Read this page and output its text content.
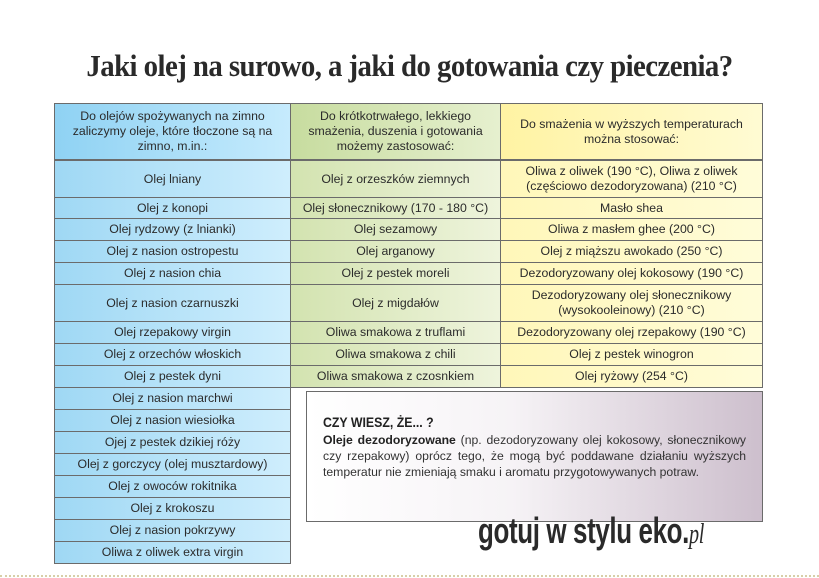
Jaki olej na surowo, a jaki do gotowania czy pieczenia?
Do olejów spożywanych na zimno zaliczymy oleje, które tłoczone są na zimno, m.in.:
Do krótkotrwałego, lekkiego smażenia, duszenia i gotowania możemy zastosować:
Do smażenia w wyższych temperaturach można stosować:
Olej lniany
Olej z konopi
Olej rydzowy (z lnianki)
Olej z nasion ostropestu
Olej z nasion chia
Olej z nasion czarnuszki
Olej rzepakowy virgin
Olej z orzechów włoskich
Olej z pestek dyni
Olej z nasion marchwi
Olej z nasion wiesiołka
Ojej z pestek dzikiej róży
Olej z gorczycy (olej musztardowy)
Olej z owoców rokitnika
Olej z krokoszu
Olej z nasion pokrzywy
Oliwa z oliwek extra virgin
Olej z orzeszków ziemnych
Olej słonecznikowy (170 - 180 °C)
Olej sezamowy
Olej arganowy
Olej z pestek moreli
Olej z migdałów
Oliwa smakowa z truflami
Oliwa smakowa z chili
Oliwa smakowa z czosnkiem
Oliwa z oliwek (190 °C), Oliwa z oliwek (częściowo dezodoryzowana) (210 °C)
Masło shea
Oliwa z masłem ghee (200 °C)
Olej z miąższu awokado (250 °C)
Dezodoryzowany olej kokosowy (190 °C)
Dezodoryzowany olej słonecznikowy (wysokooleinowy) (210 °C)
Dezodoryzowany olej rzepakowy (190 °C)
Olej z pestek winogron
Olej ryżowy (254 °C)
CZY WIESZ, ŻE... ?
Oleje dezodoryzowane (np. dezodoryzowany olej kokosowy, słonecznikowy czy rzepakowy) oprócz tego, że mogą być poddawane działaniu wyższych temperatur nie zmieniają smaku i aromatu przygotowywanych potraw.
gotuj w stylu eko.pl
